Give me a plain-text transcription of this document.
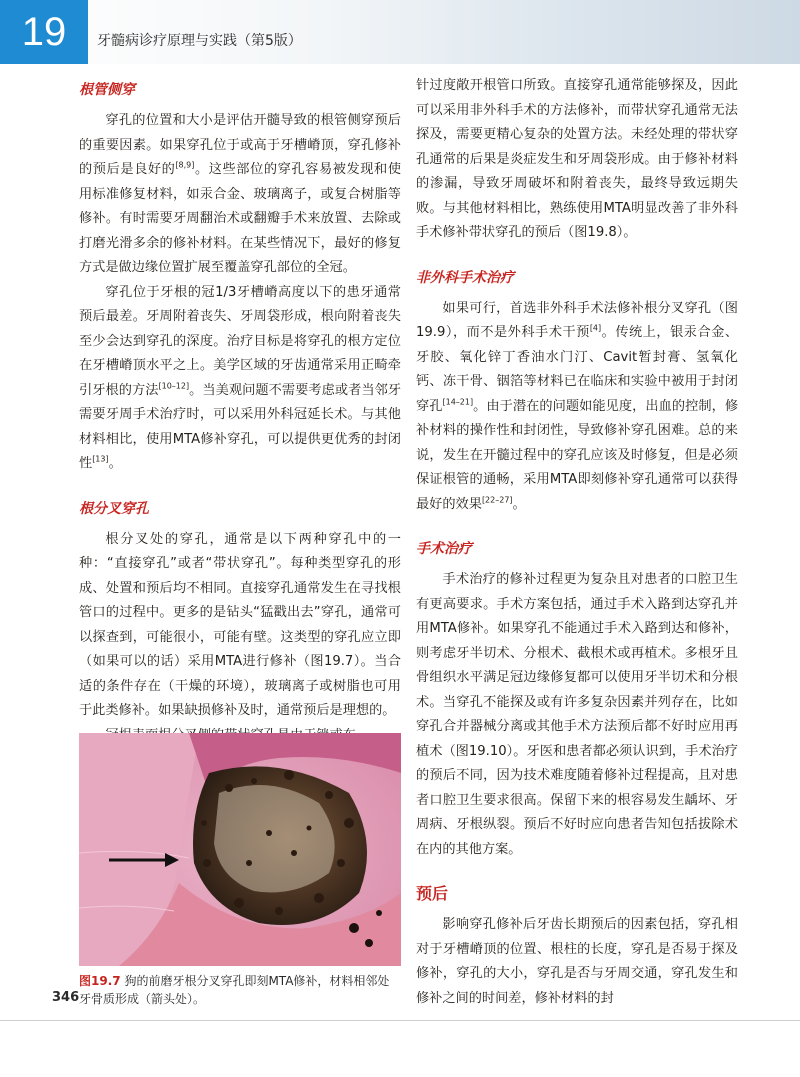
19	牙髓病诊疗原理与实践（第5版）
根管侧穿

穿孔的位置和大小是评估开髓导致的根管侧穿预后的重要因素。如果穿孔位于或高于牙槽嵴顶，穿孔修补的预后是良好的[8,9]。这些部位的穿孔容易被发现和使用标准修复材料，如汞合金、玻璃离子，或复合树脂等修补。有时需要牙周翻治术或翻瓣手术来放置、去除或打磨光滑多余的修补材料。在某些情况下，最好的修复方式是做边缘位置扩展至覆盖穿孔部位的全冠。

穿孔位于牙根的冠1/3牙槽嵴高度以下的患牙通常预后最差。牙周附着丧失、牙周袋形成，根向附着丧失至少会达到穿孔的深度。治疗目标是将穿孔的根方定位在牙槽嵴顶水平之上。美学区域的牙齿通常采用正畸牵引牙根的方法[10–12]。当美观问题不需要考虑或者当邻牙需要牙周手术治疗时，可以采用外科冠延长术。与其他材料相比，使用MTA修补穿孔，可以提供更优秀的封闭性[13]。

根分叉穿孔

根分叉处的穿孔，通常是以下两种穿孔中的一种：“直接穿孔”或者“带状穿孔”。每种类型穿孔的形成、处置和预后均不相同。直接穿孔通常发生在寻找根管口的过程中。更多的是钻头“猛戳出去”穿孔，通常可以探查到，可能很小，可能有壁。这类型的穿孔应立即（如果可以的话）采用MTA进行修补（图19.7）。当合适的条件存在（干燥的环境），玻璃离子或树脂也可用于此类修补。如果缺损修补及时，通常预后是理想的。

图19.7 狗的前磨牙根分叉穿孔即刻MTA修补，材料相邻处牙骨质形成（箭头处）。
346

针过度敞开根管口所致。直接穿孔通常能够探及，因此可以采用非外科手术的方法修补，而带状穿孔通常无法探及，需要更精心复杂的处置方法。未经处理的带状穿孔通常的后果是炎症发生和牙周袋形成。由于修补材料的渗漏，导致牙周破坏和附着丧失，最终导致远期失败。与其他材料相比，熟练使用MTA明显改善了非外科手术修补带状穿孔的预后（图19.8）。

非外科手术治疗

如果可行，首选非外科手术法修补根分叉穿孔（图19.9），而不是外科手术干预[4]。传统上，银汞合金、牙胶、氧化锌丁香油水门汀、Cavit暂封膏、氢氧化钙、冻干骨、铟箔等材料已在临床和实验中被用于封闭穿孔[14–21]。由于潜在的问题如能见度，出血的控制，修补材料的操作性和封闭性，导致修补穿孔困难。总的来说，发生在开髓过程中的穿孔应该及时修复，但是必须保证根管的通畅，采用MTA即刻修补穿孔通常可以获得最好的效果[22–27]。

手术治疗

手术治疗的修补过程更为复杂且对患者的口腔卫生有更高要求。手术方案包括，通过手术入路到达穿孔并用MTA修补。如果穿孔不能通过手术入路到达和修补，则考虑牙半切术、分根术、截根术或再植术。多根牙且骨组织水平满足冠边缘修复都可以使用牙半切术和分根术。当穿孔不能探及或有许多复杂因素并列存在，比如穿孔合并器械分离或其他手术方法预后都不好时应用再植术（图19.10）。牙医和患者都必须认识到，手术治疗的预后不同，因为技术难度随着修补过程提高，且对患者口腔卫生要求很高。保留下来的根容易发生龋坏、牙周病、牙根纵裂。预后不好时应向患者告知包括拔除术在内的其他方案。

预后

影响穿孔修补后牙齿长期预后的因素包括，穿孔相对于牙槽嵴顶的位置、根柱的长度，穿孔是否易于探及修补，穿孔的大小，穿孔是否与牙周交通，穿孔发生和修补之间的时间差，修补材料的封
